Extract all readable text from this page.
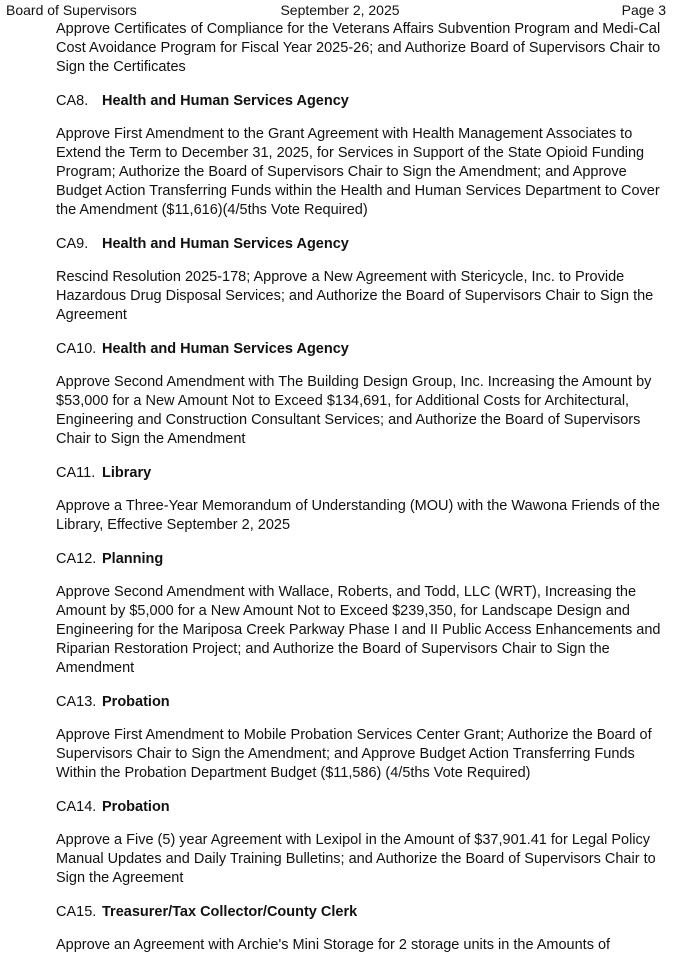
Board of Supervisors	September 2, 2025	Page 3

Approve Certificates of Compliance for the Veterans Affairs Subvention Program and Medi-Cal Cost Avoidance Program for Fiscal Year 2025-26; and Authorize Board of Supervisors Chair to Sign the Certificates

CA8. Health and Human Services Agency

Approve First Amendment to the Grant Agreement with Health Management Associates to Extend the Term to December 31, 2025, for Services in Support of the State Opioid Funding Program; Authorize the Board of Supervisors Chair to Sign the Amendment; and Approve Budget Action Transferring Funds within the Health and Human Services Department to Cover the Amendment ($11,616)(4/5ths Vote Required)

CA9. Health and Human Services Agency

Rescind Resolution 2025-178; Approve a New Agreement with Stericycle, Inc. to Provide Hazardous Drug Disposal Services; and Authorize the Board of Supervisors Chair to Sign the Agreement

CA10. Health and Human Services Agency

Approve Second Amendment with The Building Design Group, Inc. Increasing the Amount by $53,000 for a New Amount Not to Exceed $134,691, for Additional Costs for Architectural, Engineering and Construction Consultant Services; and Authorize the Board of Supervisors Chair to Sign the Amendment

CA11. Library

Approve a Three-Year Memorandum of Understanding (MOU) with the Wawona Friends of the Library, Effective September 2, 2025

CA12. Planning

Approve Second Amendment with Wallace, Roberts, and Todd, LLC (WRT), Increasing the Amount by $5,000 for a New Amount Not to Exceed $239,350, for Landscape Design and Engineering for the Mariposa Creek Parkway Phase I and II Public Access Enhancements and Riparian Restoration Project; and Authorize the Board of Supervisors Chair to Sign the Amendment

CA13. Probation

Approve First Amendment to Mobile Probation Services Center Grant; Authorize the Board of Supervisors Chair to Sign the Amendment; and Approve Budget Action Transferring Funds Within the Probation Department Budget ($11,586) (4/5ths Vote Required)

CA14. Probation

Approve a Five (5) year Agreement with Lexipol in the Amount of $37,901.41 for Legal Policy Manual Updates and Daily Training Bulletins; and Authorize the Board of Supervisors Chair to Sign the Agreement

CA15. Treasurer/Tax Collector/County Clerk

Approve an Agreement with Archie's Mini Storage for 2 storage units in the Amounts of
